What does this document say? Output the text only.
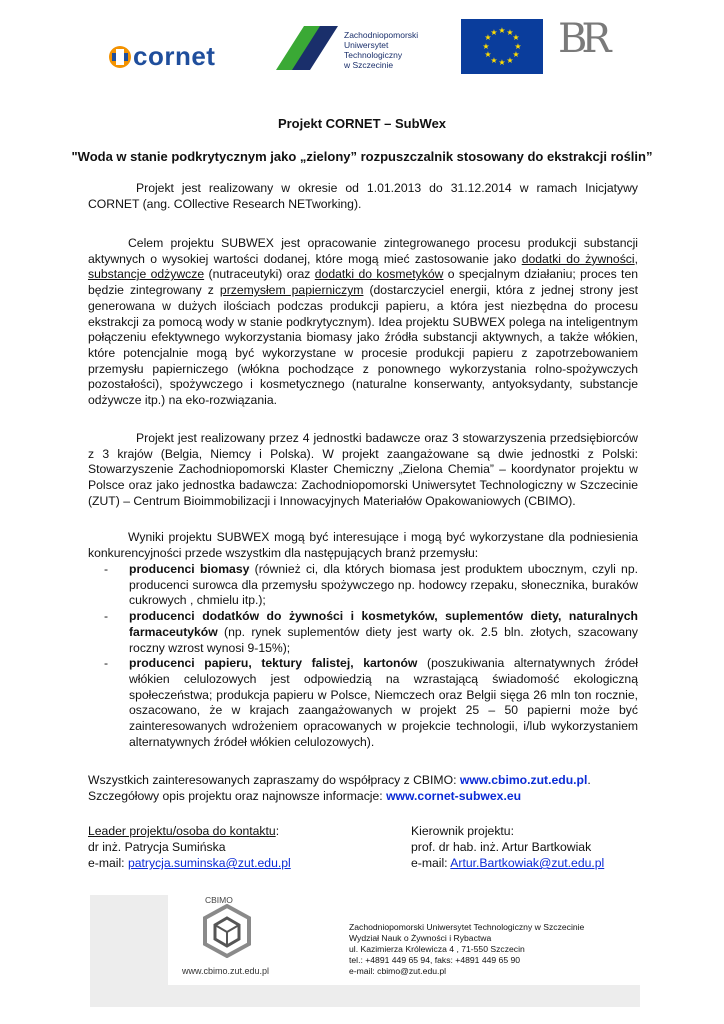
cornet
Zachodniopomorski
Uniwersytet
Technologiczny
w Szczecinie
★ ★
★
★
★
★
★
★
★
★
★
★ BR
Projekt CORNET – SubWex
"Woda w stanie podkrytycznym jako „zielony” rozpuszczalnik stosowany do ekstrakcji roślin”

Projekt jest realizowany w okresie od 1.01.2013 do 31.12.2014 w ramach Inicjatywy CORNET (ang. COllective Research NETworking).

Celem projektu SUBWEX jest opracowanie zintegrowanego procesu produkcji substancji aktywnych o wysokiej wartości dodanej, które mogą mieć zastosowanie jako dodatki do żywności, substancje odżywcze (nutraceutyki) oraz dodatki do kosmetyków o specjalnym działaniu; proces ten będzie zintegrowany z przemysłem papierniczym (dostarczyciel energii, która z jednej strony jest generowana w dużych ilościach podczas produkcji papieru, a która jest niezbędna do procesu ekstrakcji za pomocą wody w stanie podkrytycznym). Idea projektu SUBWEX polega na inteligentnym połączeniu efektywnego wykorzystania biomasy jako źródła substancji aktywnych, a także włókien, które potencjalnie mogą być wykorzystane w procesie produkcji papieru z zapotrzebowaniem przemysłu papierniczego (włókna pochodzące z ponownego wykorzystania rolno-spożywczych pozostałości), spożywczego i kosmetycznego (naturalne konserwanty, antyoksydanty, substancje odżywcze itp.) na eko-rozwiązania.

Projekt jest realizowany przez 4 jednostki badawcze oraz 3 stowarzyszenia przedsiębiorców z 3 krajów (Belgia, Niemcy i Polska). W projekt zaangażowane są dwie jednostki z Polski: Stowarzyszenie Zachodniopomorski Klaster Chemiczny „Zielona Chemia” – koordynator projektu w Polsce oraz jako jednostka badawcza: Zachodniopomorski Uniwersytet Technologiczny w Szczecinie (ZUT) – Centrum Bioimmobilizacji i Innowacyjnych Materiałów Opakowaniowych (CBIMO).

Wyniki projektu SUBWEX mogą być interesujące i mogą być wykorzystane dla podniesienia konkurencyjności przede wszystkim dla następujących branż przemysłu:

- producenci biomasy (również ci, dla których biomasa jest produktem ubocznym, czyli np. producenci surowca dla przemysłu spożywczego np. hodowcy rzepaku, słonecznika, buraków cukrowych , chmielu itp.);
- producenci dodatków do żywności i kosmetyków, suplementów diety, naturalnych farmaceutyków (np. rynek suplementów diety jest warty ok. 2.5 bln. złotych, szacowany roczny wzrost wynosi 9-15%);
- producenci papieru, tektury falistej, kartonów (poszukiwania alternatywnych źródeł włókien celulozowych jest odpowiedzią na wzrastającą świadomość ekologiczną społeczeństwa; produkcja papieru w Polsce, Niemczech oraz Belgii sięga 26 mln ton rocznie, oszacowano, że w krajach zaangażowanych w projekt 25 – 50 papierni może być zainteresowanych wdrożeniem opracowanych w projekcie technologii, i/lub wykorzystaniem alternatywnych źródeł włókien celulozowych).

Wszystkich zainteresowanych zapraszamy do współpracy z CBIMO: www.cbimo.zut.edu.pl.

Szczegółowy opis projektu oraz najnowsze informacje: www.cornet-subwex.eu

Leader projektu/osoba do kontaktu:
dr inż. Patrycja Sumińska
e-mail: patrycja.suminska@zut.edu.pl
Kierownik projektu:
prof. dr hab. inż. Artur Bartkowiak
e-mail: Artur.Bartkowiak@zut.edu.pl
CBIMO
www.cbimo.zut.edu.pl
Zachodniopomorski Uniwersytet Technologiczny w Szczecinie
Wydział Nauk o Żywności i Rybactwa
ul. Kazimierza Królewicza 4 , 71-550 Szczecin
tel.: +4891 449 65 94, faks: +4891 449 65 90
e-mail: cbimo@zut.edu.pl
